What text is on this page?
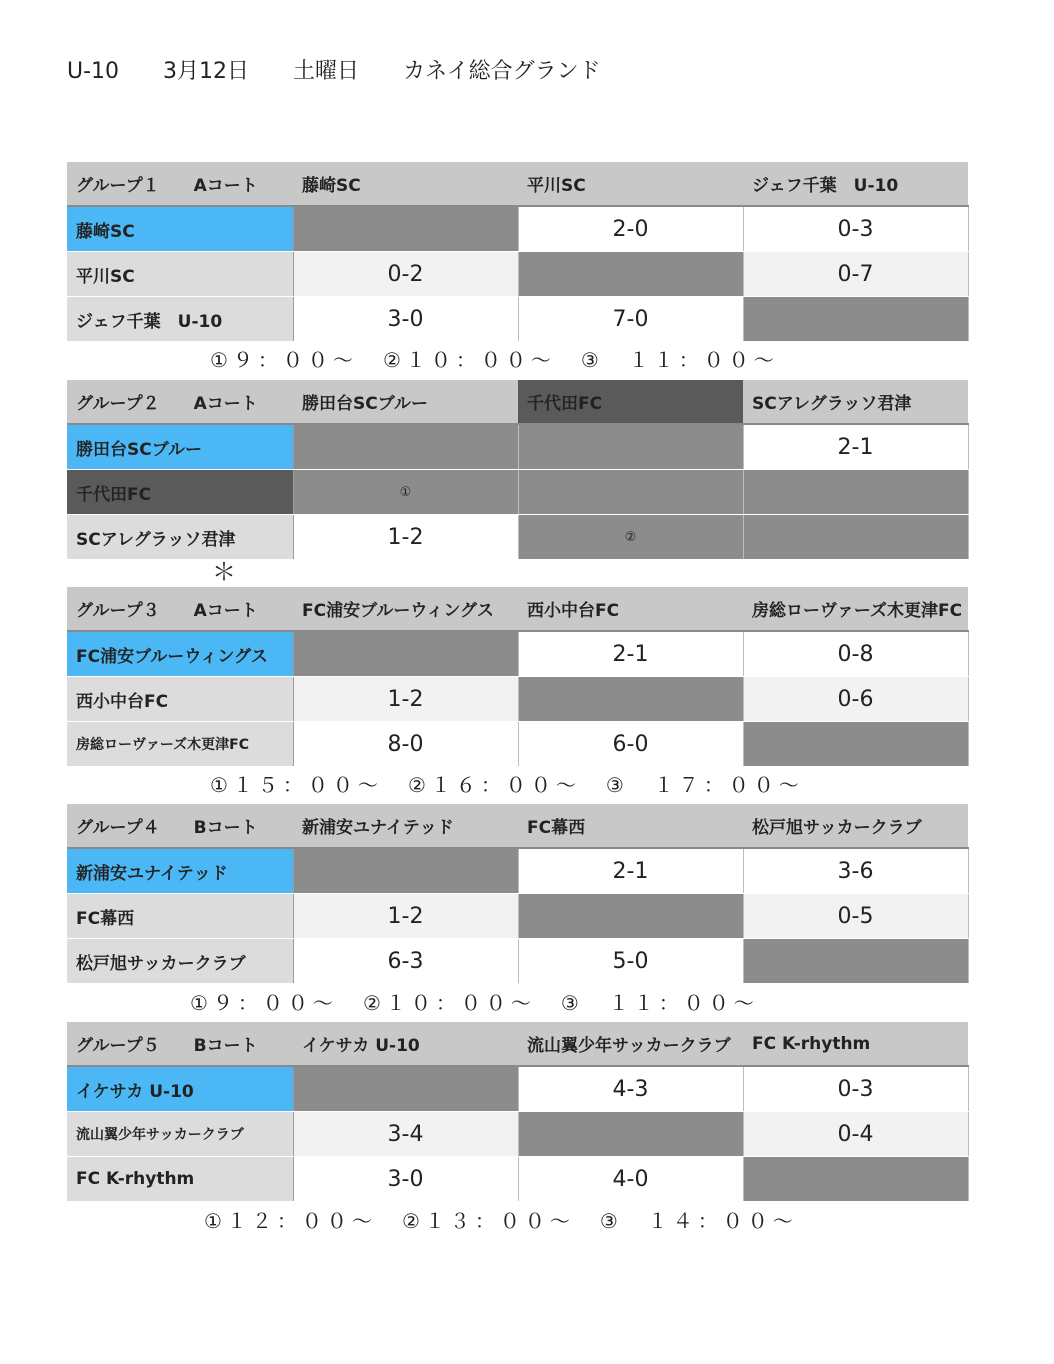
U-10 3月12日 土曜日 カネイ総合グランド
グループ１　　 Aコート	藤崎SC	平川SC	ジェフ千葉　U-10
藤崎SC		2-0	0-3
平川SC	0-2		0-7
ジェフ千葉　U-10	3-0	7-0	
①９：００～　 ②１０：００～　 ③　１１：００～
グループ２　　 Aコート	勝田台SCブルー	千代田FC	SCアレグラッソ君津
勝田台SCブルー			2-1
千代田FC	①		
SCアレグラッソ君津	1-2	②	
＊
グループ３　　 Aコート	FC浦安ブルーウィングス	西小中台FC	房総ローヴァーズ木更津FC
FC浦安ブルーウィングス		2-1	0-8
西小中台FC	1-2		0-6
房総ローヴァーズ木更津FC	8-0	6-0	
①１５：００～　 ②１６：００～　 ③　１７：００～
グループ４　　 Bコート	新浦安ユナイテッド	FC幕西	松戸旭サッカークラブ
新浦安ユナイテッド		2-1	3-6
FC幕西	1-2		0-5
松戸旭サッカークラブ	6-3	5-0	
①９：００～　 ②１０：００～　 ③　１１：００～
グループ５　　 Bコート	イケサカ U-10	流山翼少年サッカークラブ	FC K-rhythm
イケサカ U-10		4-3	0-3
流山翼少年サッカークラブ	3-4		0-4
FC K-rhythm	3-0	4-0	
①１２：００～　 ②１３：００～　 ③　１４：００～
